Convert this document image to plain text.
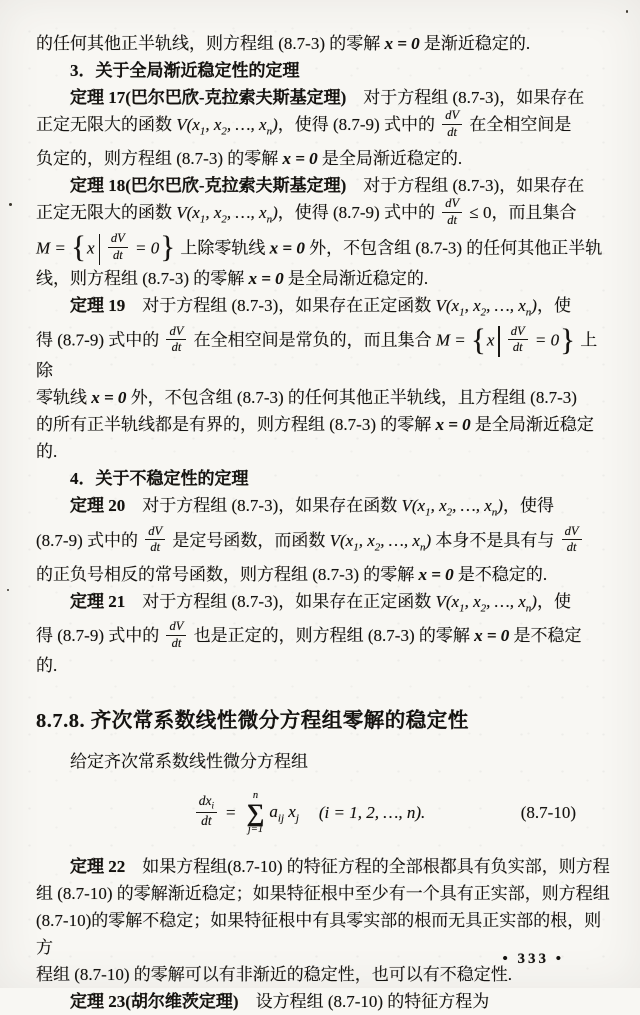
的任何其他正半轨线，则方程组 (8.7-3) 的零解 x = 0 是渐近稳定的.
3．关于全局渐近稳定性的定理
定理 17(巴尔巴欣-克拉索夫斯基定理)　对于方程组 (8.7-3)，如果存在
正定无限大的函数 $V(x_1$, $x_2$, …, $x_n$)，使得 (8.7-9) 式中的 $\frac{dV}{dt}$ 在全相空间是
负定的，则方程组 (8.7-3) 的零解 x = 0 是全局渐近稳定的.
定理 18(巴尔巴欣-克拉索夫斯基定理)　对于方程组 (8.7-3)，如果存在
正定无限大的函数 $V(x_1$, $x_2$, …, $x_n$)，使得 (8.7-9) 式中的 $\frac{dV}{dt} \le 0$，而且集合
$M = \{x \frac{dV}{dt} = 0\}$ 上除零轨线 x = 0 外，不包含组 (8.7-3) 的任何其他正半轨
线，则方程组 (8.7-3) 的零解 x = 0 是全局渐近稳定的.
定理 19　对于方程组 (8.7-3)，如果存在正定函数 $V(x_1$, $x_2$, …, $x_n$)，使
得 (8.7-9) 式中的 $\frac{dV}{dt}$ 在全相空间是常负的，而且集合 $M = \{x \frac{dV}{dt} = 0\}$ 上除
零轨线 x = 0 外，不包含组 (8.7-3) 的任何其他正半轨线，且方程组 (8.7-3)
的所有正半轨线都是有界的，则方程组 (8.7-3) 的零解 x = 0 是全局渐近稳定
的.
4．关于不稳定性的定理
定理 20　对于方程组 (8.7-3)，如果存在函数 $V(x_1$, $x_2$, …, $x_n$)，使得
(8.7-9) 式中的 $\frac{dV}{dt}$ 是定号函数，而函数 $V(x_1$, $x_2$, …, $x_n$) 本身不是具有与 $\frac{dV}{dt}$
的正负号相反的常号函数，则方程组 (8.7-3) 的零解 x = 0 是不稳定的.
定理 21　对于方程组 (8.7-3)，如果存在正定函数 $V(x_1$, $x_2$, …, $x_n$)，使
得 (8.7-9) 式中的 $\frac{dV}{dt}$ 也是正定的，则方程组 (8.7-3) 的零解 x = 0 是不稳定
的.
8.7.8. 齐次常系数线性微分方程组零解的稳定性
给定齐次常系数线性微分方程组
$\frac{dx_i}{dt}$ =
n
∑
j=1
$a_{ij}$ $x_j$ (i = 1, 2, …, n).	(8.7-10)
定理 22　如果方程组(8.7-10) 的特征方程的全部根都具有负实部，则方程
组 (8.7-10) 的零解渐近稳定；如果特征根中至少有一个具有正实部，则方程组
(8.7-10)的零解不稳定；如果特征根中有具零实部的根而无具正实部的根，则方
程组 (8.7-10) 的零解可以有非渐近的稳定性，也可以有不稳定性.
定理 23(胡尔维茨定理)　设方程组 (8.7-10) 的特征方程为
• 333 •
